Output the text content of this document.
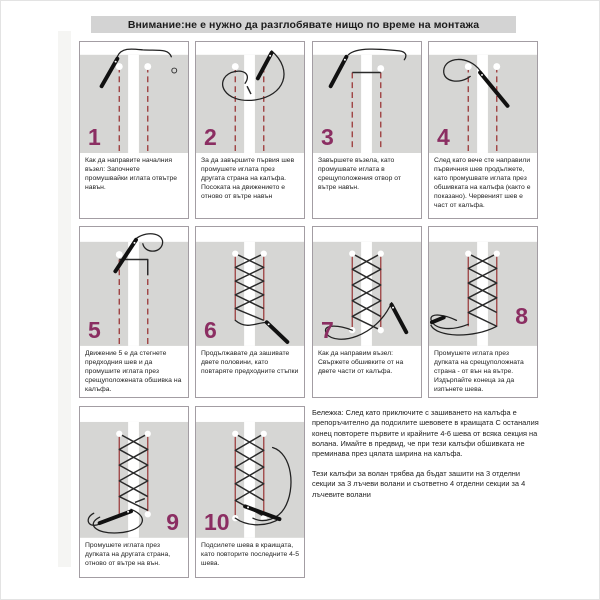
Внимание:не е нужно да разглобявате нищо по време на монтажа
1
Как да направите началния възел: Започнете промушвайки иглата отвътре навън.
2
За да завършите първия шев промушете иглата през другата страна на калъфа. Посоката на движението е отново от вътре навън
3
Завършете възела, като промушвате иглата в срещуположения отвор от вътре навън.
4
След като вече сте направили първичния шев продължете, като промушвате иглата през обшивката на калъфа (както е показано). Червеният шев е част от калъфа.
5
Движение 5 е да стегнете предходния шев и да промушите иглата през срещуположената обшивка на калъфа.
6
Продължавате да зашивате двете половини, като повтаряте предходните стъпки
7
Как да направим възел: Свържете обшивките от на двете части от калъфа.
8
Промушете иглата през дупката на срещуположната страна - от вън на вътре. Издърпайте конеца за да изпънете шева.
9
Промушете иглата през дупката на другата страна, отново от вътре на вън.
10
Подсилете шева в краищата, като повторите последните 4-5 шева.
Бележка: След като приключите с зашиването на калъфа е препоръчително да подсилите шевовете в краищата С останалия конец повторете първите и крайните 4-6 шева от всяка секция на волана. Имайте в предвид, че при тези калъфи обшивката не преминава през цялата ширина на калъфа.
Тези калъфи за волан трябва да бъдат зашити на 3 отделни секции за 3 лъчеви волани и съответно 4 отделни секции за 4 лъчевите волани
